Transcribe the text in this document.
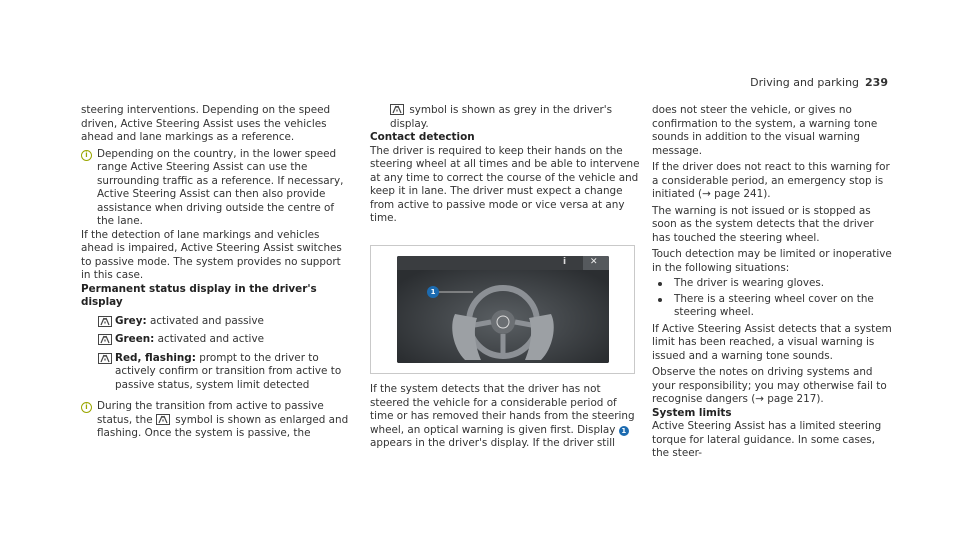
Driving and parking 239

steering interventions. Depending on the speed driven, Active Steering Assist uses the vehicles ahead and lane markings as a reference.

i Depending on the country, in the lower speed range Active Steering Assist can use the surrounding traffic as a reference. If necessary, Active Steering Assist can then also provide assistance when driving outside the centre of the lane.

If the detection of lane markings and vehicles ahead is impaired, Active Steering Assist switches to passive mode. The system provides no support in this case.

Permanent status display in the driver's display

Grey: activated and passive
Green: activated and active
Red, flashing: prompt to the driver to actively confirm or transition from active to passive status, system limit detected
i During the transition from active to passive status, the symbol is shown as enlarged and flashing. Once the system is passive, the

symbol is shown as grey in the driver's display.

Contact detection

The driver is required to keep their hands on the steering wheel at all times and be able to intervene at any time to correct the course of the vehicle and keep it in lane. The driver must expect a change from active to passive mode or vice versa at any time.

i	✕
1

If the system detects that the driver has not steered the vehicle for a considerable period of time or has removed their hands from the steering wheel, an optical warning is given first. Display 1 appears in the driver's display. If the driver still

does not steer the vehicle, or gives no confirmation to the system, a warning tone sounds in addition to the visual warning message.

If the driver does not react to this warning for a considerable period, an emergency stop is initiated (→ page 241).

The warning is not issued or is stopped as soon as the system detects that the driver has touched the steering wheel.

Touch detection may be limited or inoperative in the following situations:

The driver is wearing gloves.
There is a steering wheel cover on the steering wheel.

If Active Steering Assist detects that a system limit has been reached, a visual warning is issued and a warning tone sounds.

Observe the notes on driving systems and your responsibility; you may otherwise fail to recognise dangers (→ page 217).

System limits

Active Steering Assist has a limited steering torque for lateral guidance. In some cases, the steer-
